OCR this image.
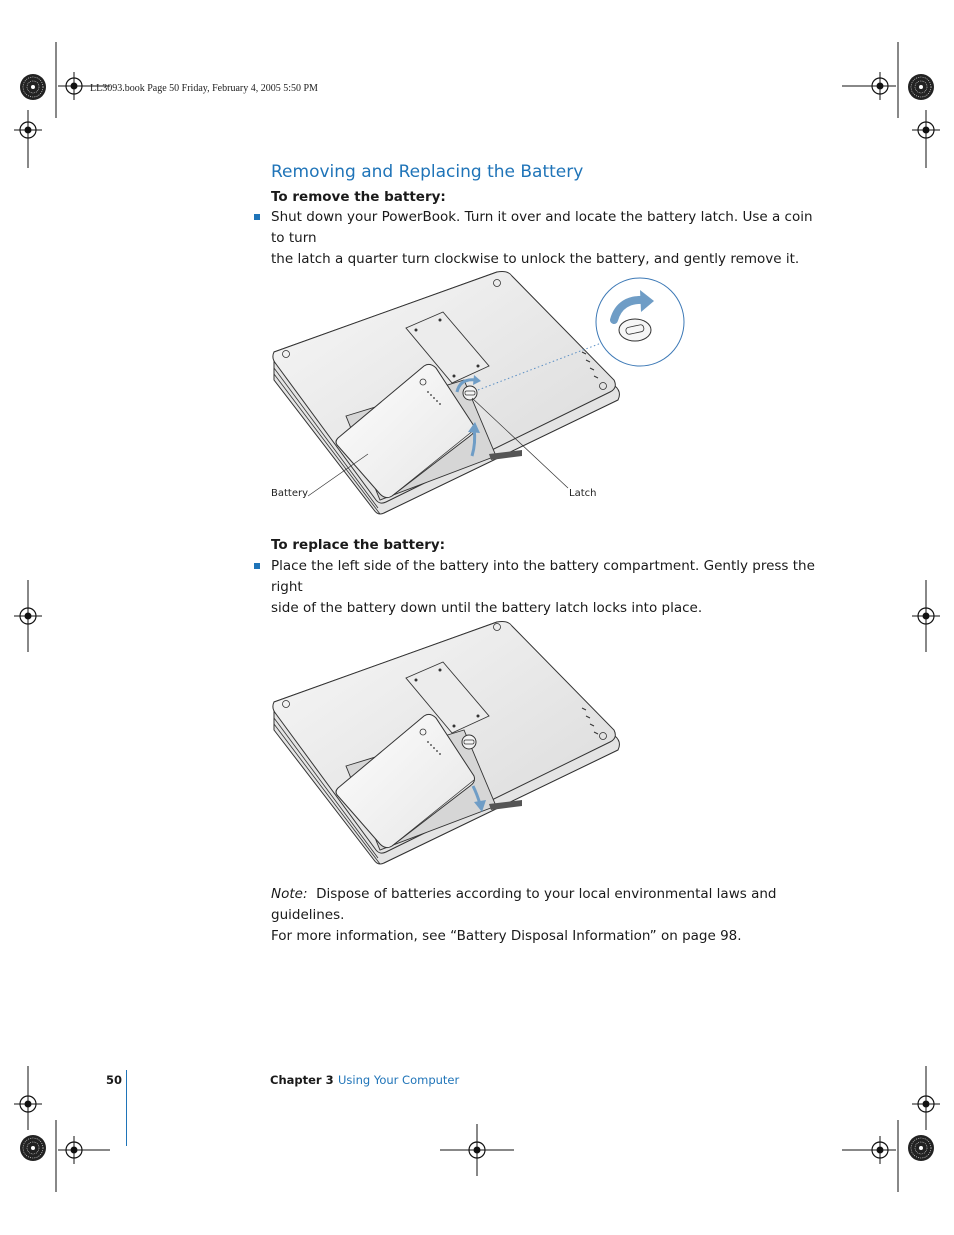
LL3093.book Page 50 Friday, February 4, 2005 5:50 PM
Removing and Replacing the Battery
To remove the battery:
Shut down your PowerBook. Turn it over and locate the battery latch. Use a coin to turn
the latch a quarter turn clockwise to unlock the battery, and gently remove it.
Battery	Latch
To replace the battery:
Place the left side of the battery into the battery compartment. Gently press the right
side of the battery down until the battery latch locks into place.
Note: Dispose of batteries according to your local environmental laws and guidelines.
For more information, see “Battery Disposal Information” on page 98.
50	Chapter 3 Using Your Computer
